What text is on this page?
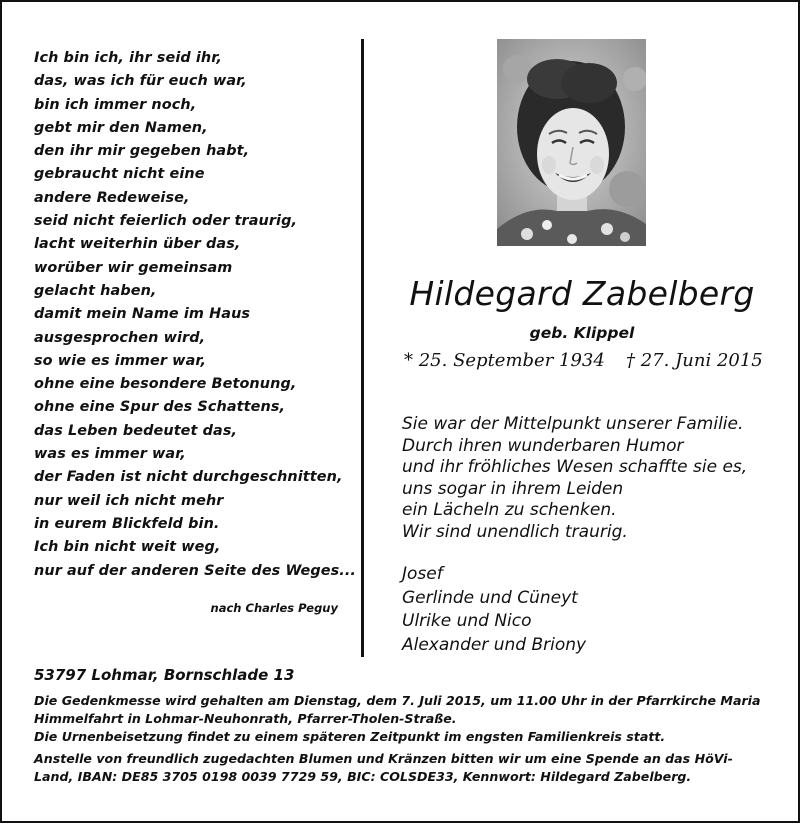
Ich bin ich, ihr seid ihr,
das, was ich für euch war,
bin ich immer noch,
gebt mir den Namen,
den ihr mir gegeben habt,
gebraucht nicht eine
andere Redeweise,
seid nicht feierlich oder traurig,
lacht weiterhin über das,
worüber wir gemeinsam
gelacht haben,
damit mein Name im Haus
ausgesprochen wird,
so wie es immer war,
ohne eine besondere Betonung,
ohne eine Spur des Schattens,
das Leben bedeutet das,
was es immer war,
der Faden ist nicht durchgeschnitten,
nur weil ich nicht mehr
in eurem Blickfeld bin.
Ich bin nicht weit weg,
nur auf der anderen Seite des Weges...
nach Charles Peguy
Hildegard Zabelberg
geb. Klippel
* 25. September 1934 † 27. Juni 2015
Sie war der Mittelpunkt unserer Familie.
Durch ihren wunderbaren Humor
und ihr fröhliches Wesen schaffte sie es,
uns sogar in ihrem Leiden
ein Lächeln zu schenken.
Wir sind unendlich traurig.
Josef
Gerlinde und Cüneyt
Ulrike und Nico
Alexander und Briony
53797 Lohmar, Bornschlade 13
Die Gedenkmesse wird gehalten am Dienstag, dem 7. Juli 2015, um 11.00 Uhr in der Pfarrkirche Maria
Himmelfahrt in Lohmar-Neuhonrath, Pfarrer-Tholen-Straße.
Die Urnenbeisetzung findet zu einem späteren Zeitpunkt im engsten Familienkreis statt.
Anstelle von freundlich zugedachten Blumen und Kränzen bitten wir um eine Spende an das HöVi-
Land, IBAN: DE85 3705 0198 0039 7729 59, BIC: COLSDE33, Kennwort: Hildegard Zabelberg.
